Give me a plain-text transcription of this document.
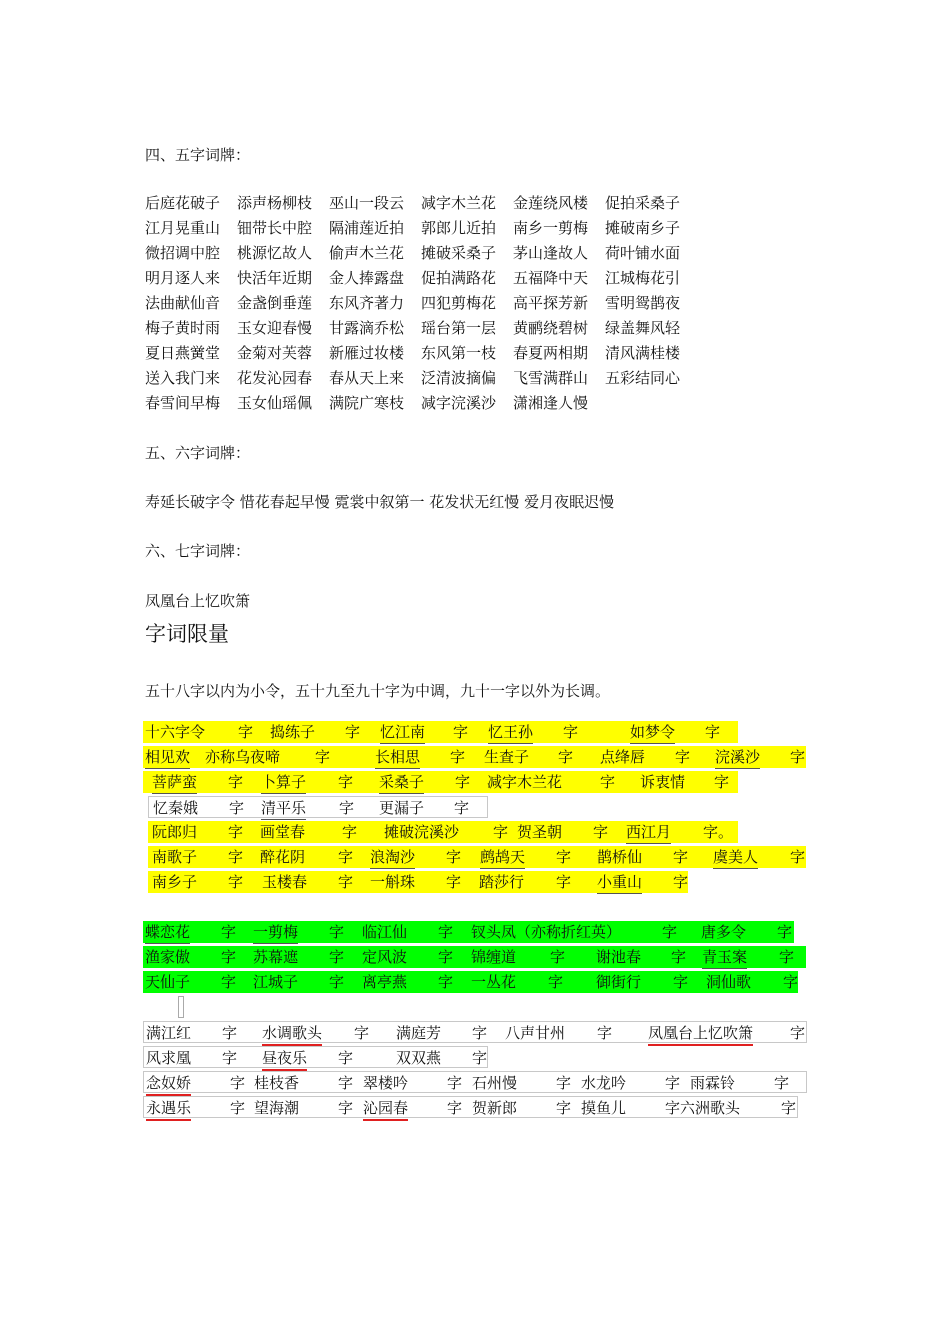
四、五字词牌：
后庭花破子	添声杨柳枝	巫山一段云	减字木兰花	金莲绕风楼	促拍采桑子
江月晃重山	钿带长中腔	隔浦莲近拍	郭郎儿近拍	南乡一剪梅	摊破南乡子
微招调中腔	桃源忆故人	偷声木兰花	摊破采桑子	茅山逢故人	荷叶铺水面
明月逐人来	快活年近期	金人捧露盘	促拍满路花	五福降中天	江城梅花引
法曲献仙音	金盏倒垂莲	东风齐著力	四犯剪梅花	高平探芳新	雪明鸳鹊夜
梅子黄时雨	玉女迎春慢	甘露滴乔松	瑶台第一层	黄鹂绕碧树	绿盖舞风轻
夏日燕黉堂	金菊对芙蓉	新雁过妆楼	东风第一枝	春夏两相期	清风满桂楼
送入我门来	花发沁园春	春从天上来	泛清波摘偏	飞雪满群山	五彩结同心
春雪间早梅	玉女仙瑶佩	满院广寒枝	减字浣溪沙	潇湘逢人慢
五、六字词牌：
寿延长破字令 惜花春起早慢 霓裳中叙第一 花发状无红慢 爱月夜眠迟慢
六、七字词牌：
凤凰台上忆吹箫
字词限量
五十八字以内为小令，五十九至九十字为中调，九十一字以外为长调。
十六字令 字 捣练子 字 忆江南 字 忆王孙 字	如梦令 字
相见欢 亦称乌夜啼 字	长相思 字 生查子 字 点绛唇 字 浣溪沙 字
菩萨蛮 字 卜算子 字 采桑子 字 减字木兰花	字 诉衷情 字
忆秦娥 字 清平乐 字 更漏子 字
阮郎归 字 画堂春 字 摊破浣溪沙 字 贺圣朝 字 西江月 字。
南歌子 字 醉花阴 字 浪淘沙 字 鹧鸪天 字 鹊桥仙 字 虞美人 字
南乡子 字 玉楼春 字 一斛珠 字 踏莎行 字 小重山 字
蝶恋花 字 一剪梅 字 临江仙 字 钗头凤（亦称折红英）	字 唐多令 字
渔家傲 字 苏幕遮 字 定风波 字 锦缠道 字 谢池春 字 青玉案 字
天仙子 字 江城子 字 离亭燕 字 一丛花 字 御街行 字 洞仙歌 字
满江红 字 水调歌头 字 满庭芳 字 八声甘州 字 凤凰台上忆吹箫 字
风求凰 字 昼夜乐 字	双双燕 字
念奴娇	字 桂枝香	字 翠楼吟	字 石州慢	字 水龙吟	字 雨霖铃	字
永遇乐	字 望海潮	字 沁园春	字 贺新郎	字 摸鱼儿	字六洲歌头	字
